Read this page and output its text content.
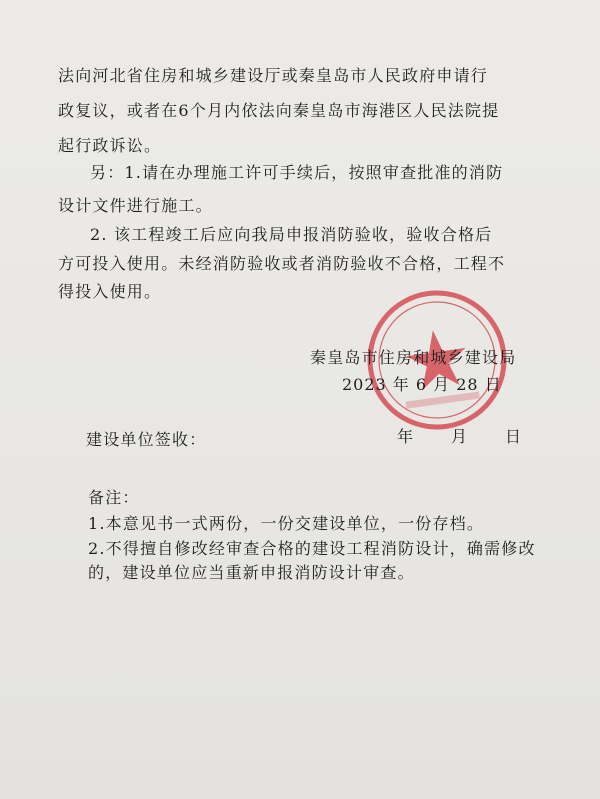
法向河北省住房和城乡建设厅或秦皇岛市人民政府申请行
政复议，或者在6个月内依法向秦皇岛市海港区人民法院提
起行政诉讼。
另：1.请在办理施工许可手续后，按照审查批准的消防
设计文件进行施工。
2. 该工程竣工后应向我局申报消防验收，验收合格后
方可投入使用。未经消防验收或者消防验收不合格，工程不
得投入使用。
秦皇岛市住房和城乡建设局
2023 年 6 月 28 日
建设单位签收：	年　　月　　日
备注：
1.本意见书一式两份，一份交建设单位，一份存档。
2.不得擅自修改经审查合格的建设工程消防设计，确需修改
的，建设单位应当重新申报消防设计审查。
